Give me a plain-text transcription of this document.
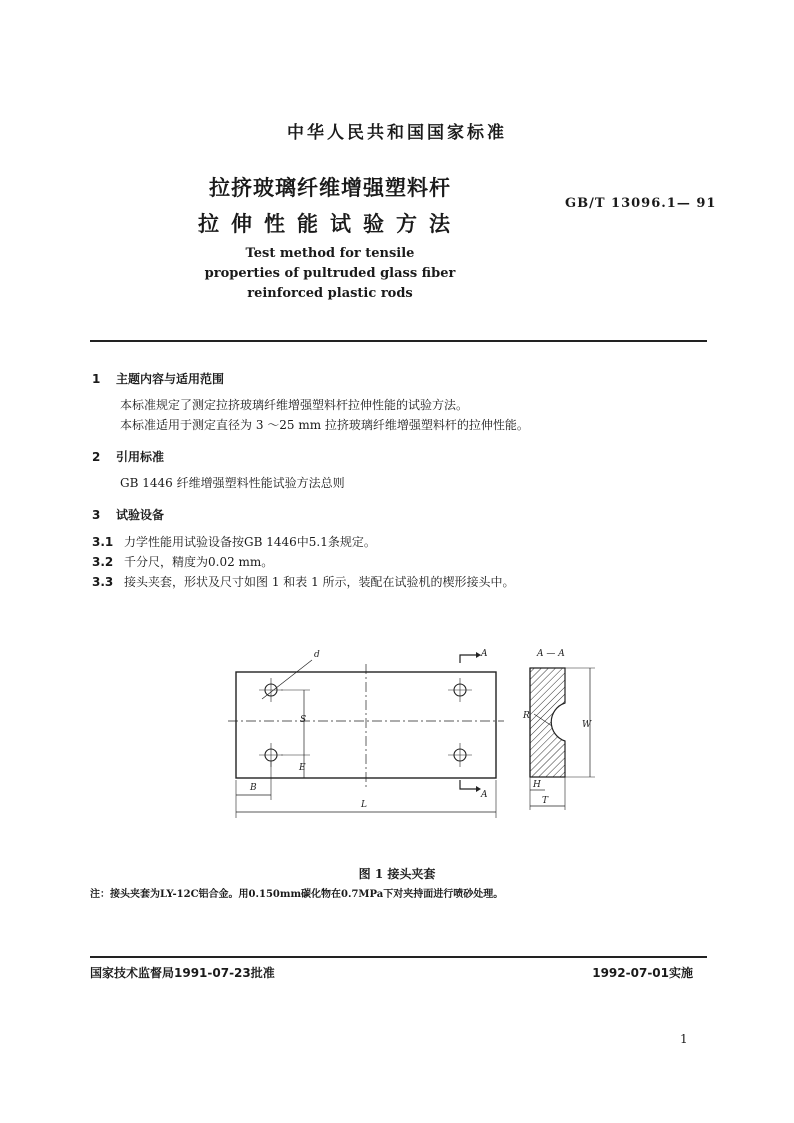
中华人民共和国国家标准
拉挤玻璃纤维增强塑料杆
拉伸性能试验方法
GB/T 13096.1— 91
Test method for tensile
properties of pultruded glass fiber
reinforced plastic rods
1 主题内容与适用范围
本标准规定了测定拉挤玻璃纤维增强塑料杆拉伸性能的试验方法。
本标准适用于测定直径为 3 ～25 mm 拉挤玻璃纤维增强塑料杆的拉伸性能。
2 引用标准
GB 1446 纤维增强塑料性能试验方法总则
3 试验设备
3.1 力学性能用试验设备按GB 1446中5.1条规定。
3.2 千分尺，精度为0.02 mm。
3.3 接头夹套，形状及尺寸如图 1 和表 1 所示，装配在试验机的楔形接头中。
d	A
A
A — A
S
E
B
L
R
W
H
T
图 1 接头夹套
注：接头夹套为LY-12C铝合金。用0.150mm碳化物在0.7MPa下对夹持面进行喷砂处理。
国家技术监督局1991-07-23批准	1992-07-01实施
1
